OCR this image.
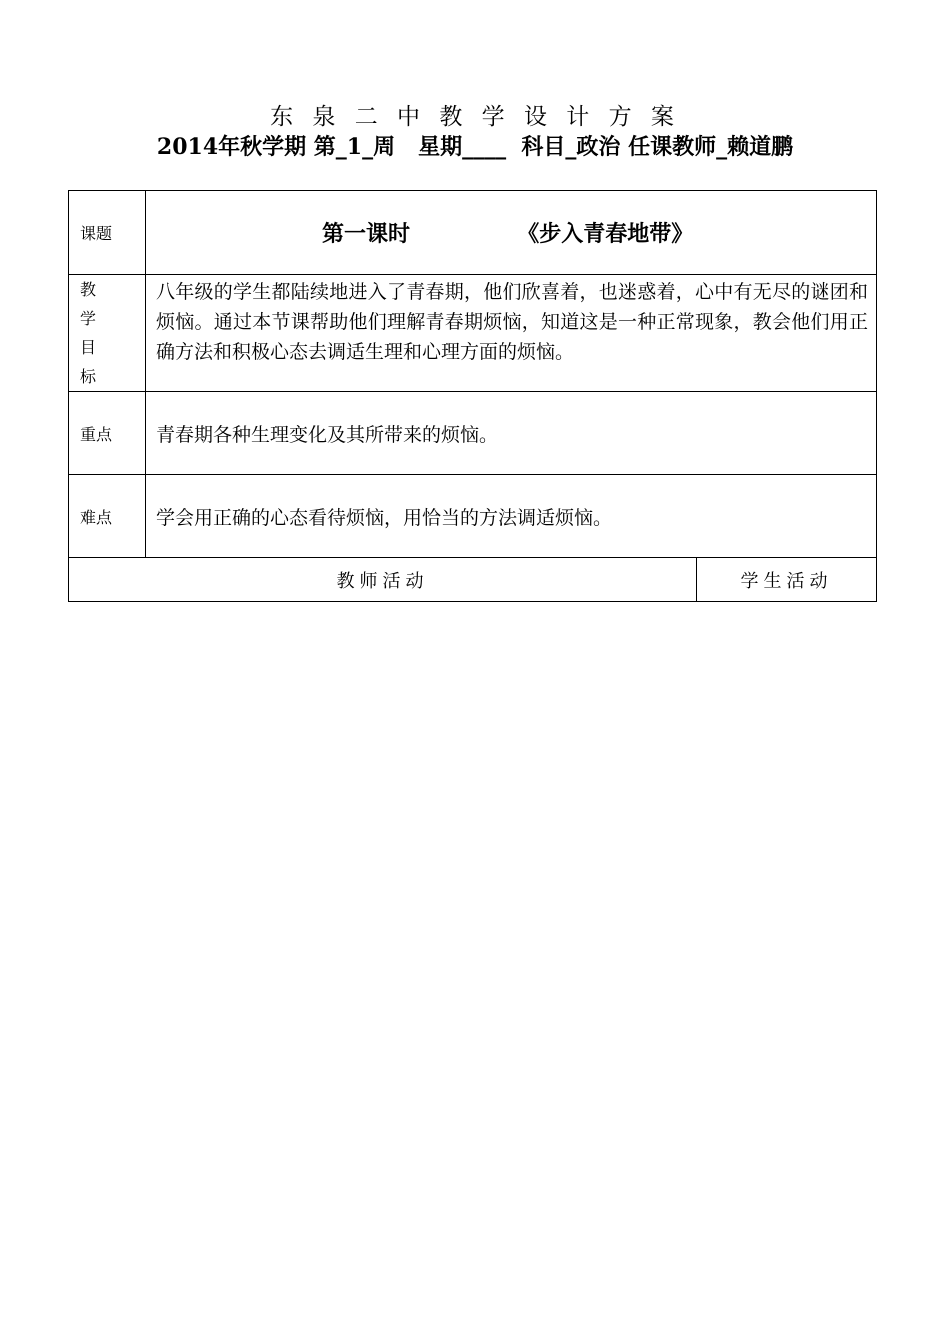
东 泉 二 中 教 学 设 计 方 案
2014年秋学期 第_1_周   星期____  科目_政治 任课教师_赖道鹏
课题	第一课时              《步入青春地带》	

教
学
目
标	八年级的学生都陆续地进入了青春期，他们欣喜着，也迷惑着，心中有无尽的谜团和烦恼。通过本节课帮助他们理解青春期烦恼，知道这是一种正常现象，教会他们用正确方法和积极心态去调适生理和心理方面的烦恼。	
重点	青春期各种生理变化及其所带来的烦恼。	
难点	学会用正确的心态看待烦恼，用恰当的方法调适烦恼。	
教师活动		学生活动
